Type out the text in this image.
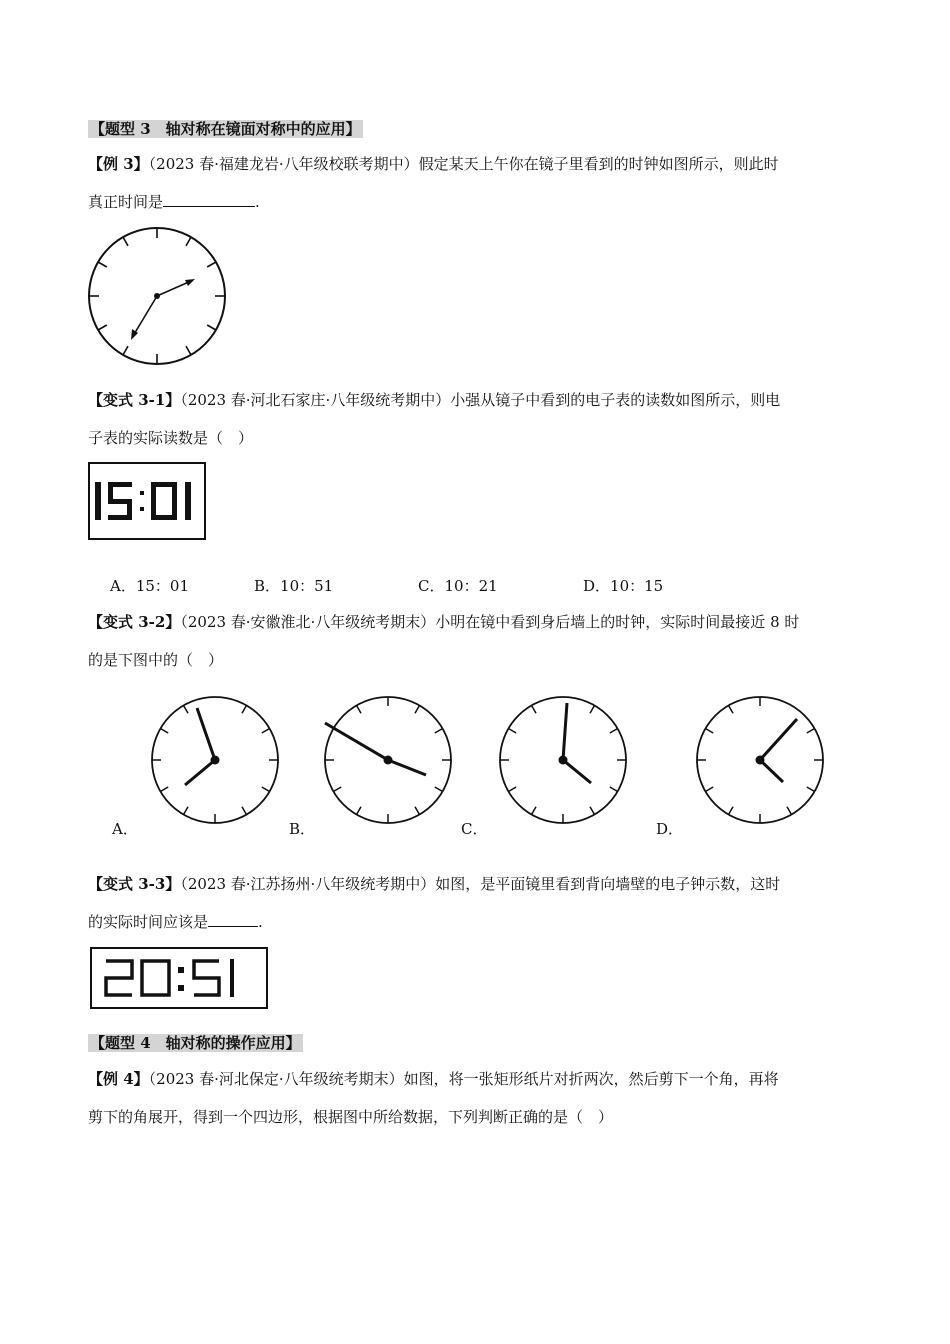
【题型 3　轴对称在镜面对称中的应用】
【例 3】（2023 春·福建龙岩·八年级校联考期中）假定某天上午你在镜子里看到的时钟如图所示，则此时
真正时间是	.
【变式 3-1】（2023 春·河北石家庄·八年级统考期中）小强从镜子中看到的电子表的读数如图所示，则电
子表的实际读数是（　）
A．15：01	B．10：51	C．10：21	D．10：15
【变式 3-2】（2023 春·安徽淮北·八年级统考期末）小明在镜中看到身后墙上的时钟，实际时间最接近 8 时
的是下图中的（　）
A．	B．	C．	D．
【变式 3-3】（2023 春·江苏扬州·八年级统考期中）如图，是平面镜里看到背向墙壁的电子钟示数，这时
的实际时间应该是	.
【题型 4　轴对称的操作应用】
【例 4】（2023 春·河北保定·八年级统考期末）如图，将一张矩形纸片对折两次，然后剪下一个角，再将
剪下的角展开，得到一个四边形，根据图中所给数据，下列判断正确的是（　）
